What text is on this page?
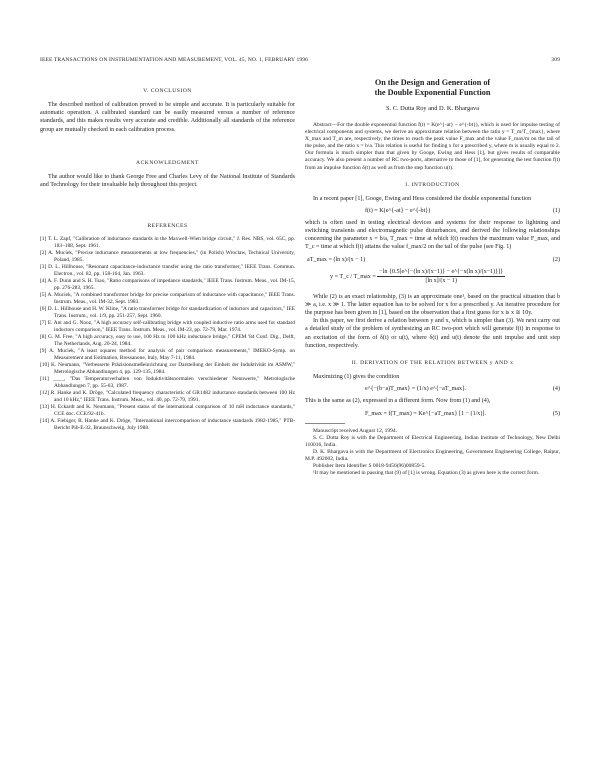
IEEE TRANSACTIONS ON INSTRUMENTATION AND MEASUREMENT, VOL. 45, NO. 1, FEBRUARY 1996	309
V. CONCLUSION

The described method of calibration proved to be simple and accurate. It is particularly suitable for automatic operation. A calibrated standard can be easily measured versus a number of reference standards, and this makes results very accurate and credible. Additionally all standards of the reference group are mutually checked in each calibration process.

ACKNOWLEDGMENT

The author would like to thank George Free and Charles Levy of the National Institute of Standards and Technology for their invaluable help throughout this project.

REFERENCES
[1] T. L. Zapf, "Calibration of inductance standards in the Maxwell-Wien bridge circuit," J. Res. NBS, vol. 65C, pp. 183–188, Sept. 1961.
[2] A. Muciek, "Precise inductance measurements at low frequencies," (in Polish) Wroclaw, Technical University, Poland, 1985.
[3] D. L. Hillhouse, "Resonant capacitance-inductance transfer using the ratio transformer," IEEE Trans. Commun. Electron., vol. 82, pp. 158-164, Jan. 1963.
[4] A. F. Dunn and S. H. Tsao, "Ratio comparisons of impedance standards," IEEE Trans. Instrum. Meas., vol. IM-15, pp. 276-283, 1965.
[5] A. Muciek, "A combined transformer bridge for precise comparison of inductance with capacitance," IEEE Trans. Instrum. Meas., vol. IM-32, Sept. 1983.
[6] D. L. Hillhouse and H. W. Kline, "A ratio transformer bridge for standardization of inductors and capacitors," IEE Trans. Instrum., vol. 1/9, pp. 251-257, Sept. 1960.
[7] E. Ant and G. Nooz, "A high accuracy self-calibrating bridge with coupled inductive ratio arms used for standard inductors comparison," IEEE Trans. Instrum. Meas., vol. IM-23, pp. 72-79, Mar. 1974.
[8] G. M. Free, "A high accuracy, easy to use, 100 Hz to 100 kHz inductance bridge," CPEM '84 Conf. Dig., Delft, The Netherlands, Aug. 20-24, 1984.
[9] A. Muciek, "A least squares method for analysis of pair comparison measurements," IMEKO-Symp. on Measurement and Estimation, Bressanone, Italy, May 7-11, 1984.
[10] K. Neumann, "Verbesserte Präzisionsmeßeinrichtung zur Darstellung der Einheit der Induktivität im ASMW," Metrologische Abhandlungen 4, pp. 129-135, 1984.
[11] ____, "Das Temperaturverhalten von Induktivitätsnormalen verschiedener Nennwerte," Metrologische Abhandlungen 7, pp. 55-63, 1987.
[12] R. Hanke and K. Dröge, "Calculated frequency characteristic of GR1482 inductance standards between 100 Hz and 10 kHz," IEEE Trans. Instrum. Meas., vol. 40, pp. 72-79, 1991.
[13] H. Eckardt and K. Neumann, "Present status of the international comparison of 10 mH inductance standards," CCE doc. CCE/92-41b.
[14] A. Fiebiger, R. Hanke and K. Dröge, "International intercomparison of inductance standards 1982-1985," PTB-Bericht Pib-E-32, Braunschweig, July 1988.
On the Design and Generation of
the Double Exponential Function
S. C. Dutta Roy and D. K. Bhargava

Abstract—For the double exponential function f(t) = K(e^{-at} − e^{-bt}), which is used for impulse testing of electrical components and systems, we derive an approximate relation between the ratio y = T_m/T_{max}, where X_max and T_m are, respectively, the times to reach the peak value F_max and the value F_max/m on the tail of the pulse, and the ratio x = b/a. This relation is useful for finding x for a prescribed y, where m is usually equal to 2. Our formula is much simpler than that given by Googe, Ewing and Hess [1], but gives results of comparable accuracy. We also present a number of RC two-ports, alternative to those of [1], for generating the test function f(t) from an impulse function δ(t) as well as from the step function u(t).

I. INTRODUCTION

In a recent paper [1], Googe, Ewing and Hess considered the double exponential function

f(t) = K(e^{-at} − e^{-bt})	(1)

which is often used in testing electrical devices and systems for their response to lightning and switching transients and electromagnetic pulse disturbances, and derived the following relationships concerning the parameter x = b/a, T_max = time at which f(t) reaches the maximum value F_max, and T_c = time at which f(t) attains the value f_max/2 on the tail of the pulse (see Fig. 1)

aT_max = (ln x)/(x − 1)	(2)
y = T_c / T_max = $\frac{\text{−ln \{0.5[e\textasciicircum{}\{−(ln x)/(x−1)\} − e\textasciicircum{}\{−x(ln x)/(x−1)\}]\}}}{\text{[ln x]/(x − 1)}}$

While (2) is an exact relationship, (3) is an approximate one¹, based on the practical situation that b ≫ a, i.e. x ≫ 1. The latter equation has to be solved for x for a prescribed y. An iterative procedure for the purpose has been given in [1], based on the observation that a first guess for x is x ≅ 10y.

In this paper, we first derive a relation between y and x, which is simpler than (3). We next carry out a detailed study of the problem of synthesizing an RC two-port which will generate f(t) in response to an excitation of the form of δ(t) or u(t), where δ(t) and u(t) denote the unit impulse and unit step function, respectively.

II. DERIVATION OF THE RELATION BETWEEN y AND x

Maximizing (1) gives the condition

e^{−(b−a)T_max} = (1/x) e^{−aT_max}.	(4)

This is the same as (2), expressed in a different form. Now from (1) and (4),

F_max = f(T_max) = Ke^{−aT_max} [1 − (1/x)].	(5)

Manuscript received August 12, 1994.

S. C. Dutta Roy is with the Department of Electrical Engineering, Indian Institute of Technology, New Delhi 110016, India.

D. K. Bhargava is with the Department of Electronics Engineering, Government Engineering College, Raipur, M.P. 492002, India.

Publisher Item Identifier S 0018-9456(96)00859-5.

¹It may be mentioned in passing that (9) of [1] is wrong. Equation (3) as given here is the correct form.
